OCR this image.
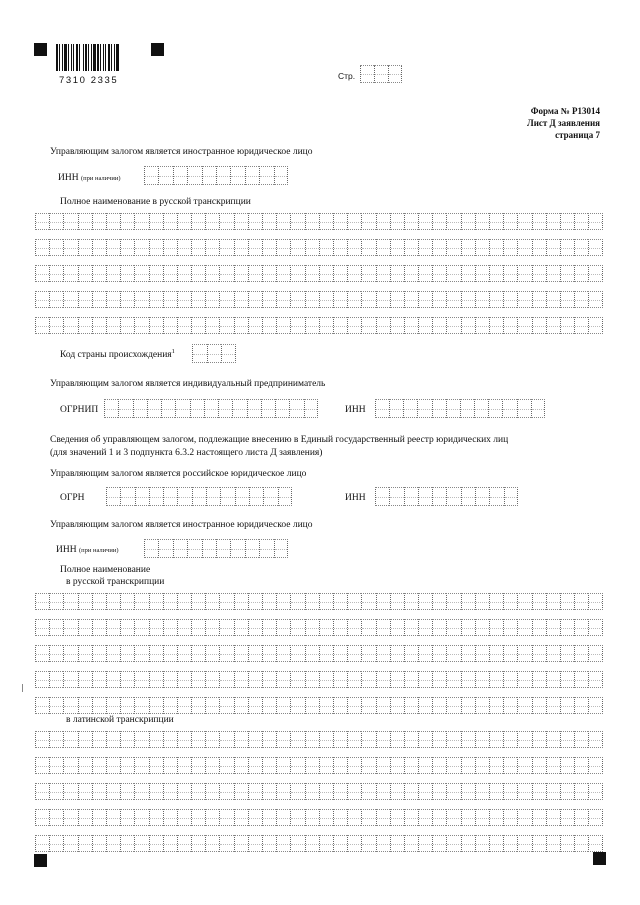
7310 2335	Стр.
Форма № Р13014
Лист Д заявления
страница 7
Управляющим залогом является иностранное юридическое лицо
ИНН (при наличии)
Полное наименование в русской транскрипции
Код страны происхождения$^1$
Управляющим залогом является индивидуальный предприниматель
ОГРНИП	ИНН
Сведения об управляющем залогом, подлежащие внесению в Единый государственный реестр юридических лиц
(для значений 1 и 3 подпункта 6.3.2 настоящего листа Д заявления)
Управляющим залогом является российское юридическое лицо
ОГРН	ИНН
Управляющим залогом является иностранное юридическое лицо
ИНН (при наличии)
Полное наименование
в русской транскрипции
в латинской транскрипции
